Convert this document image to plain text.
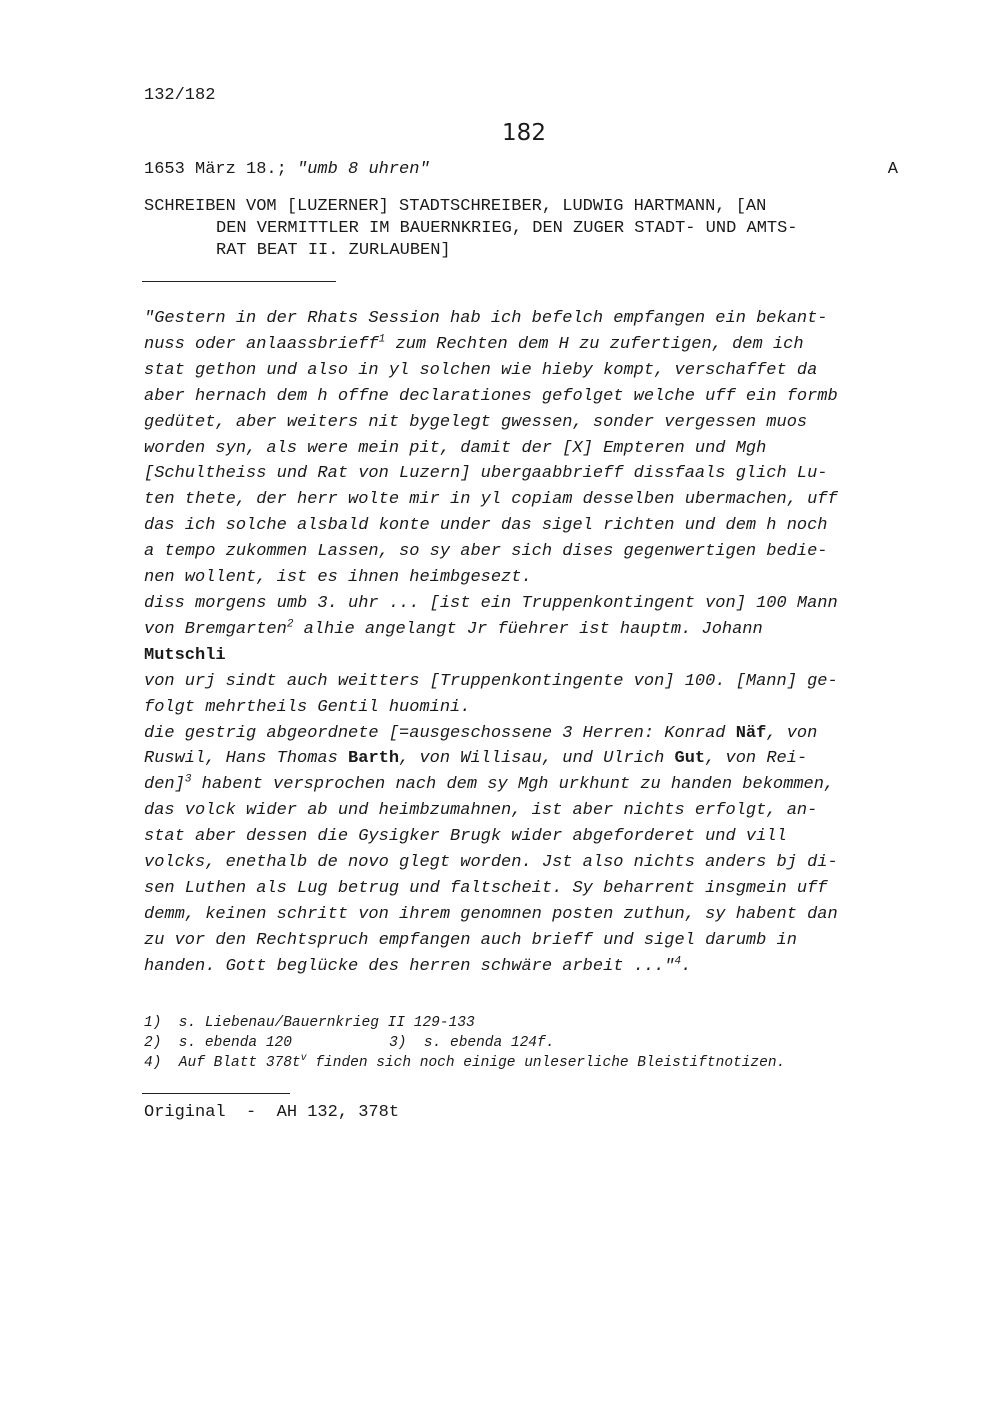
132/182
182
1653 März 18.; "umb 8 uhren"	A
SCHREIBEN VOM [LUZERNER] STADTSCHREIBER, LUDWIG HARTMANN, [AN
DEN VERMITTLER IM BAUERNKRIEG, DEN ZUGER STADT- UND AMTS-
RAT BEAT II. ZURLAUBEN]
"Gestern in der Rhats Session hab ich befelch empfangen ein bekant-
nuss oder anlaassbrieff$^1$ zum Rechten dem H zu zufertigen, dem ich
stat gethon und also in yl solchen wie hieby kompt, verschaffet da
aber hernach dem h offne declarationes gefolget welche uff ein formb
gedütet, aber weiters nit bygelegt gwessen, sonder vergessen muos
worden syn, als were mein pit, damit der [X] Empteren und Mgh
[Schultheiss und Rat von Luzern] ubergaabbrieff dissfaals glich Lu-
ten thete, der herr wolte mir in yl copiam desselben ubermachen, uff
das ich solche alsbald konte under das sigel richten und dem h noch
a tempo zukommen Lassen, so sy aber sich dises gegenwertigen bedie-
nen wollent, ist es ihnen heimbgesezt.
diss morgens umb 3. uhr ... [ist ein Truppenkontingent von] 100 Mann
von Bremgarten$^2$ alhie angelangt Jr füehrer ist hauptm. Johann
Mutschli
von urj sindt auch weitters [Truppenkontingente von] 100. [Mann] ge-
folgt mehrtheils Gentil huomini.
die gestrig abgeordnete [=ausgeschossene 3 Herren: Konrad Näf, von
Ruswil, Hans Thomas Barth, von Willisau, und Ulrich Gut, von Rei-
den]$^3$ habent versprochen nach dem sy Mgh urkhunt zu handen bekommen,
das volck wider ab und heimbzumahnen, ist aber nichts erfolgt, an-
stat aber dessen die Gysigker Brugk wider abgeforderet und vill
volcks, enethalb de novo glegt worden. Jst also nichts anders bj di-
sen Luthen als Lug betrug und faltscheit. Sy beharrent insgmein uff
demm, keinen schritt von ihrem genomnen posten zuthun, sy habent dan
zu vor den Rechtspruch empfangen auch brieff und sigel darumb in
handen. Gott beglücke des herren schwäre arbeit ..."$^4$.
1)  s. Liebenau/Bauernkrieg II 129-133
2)  s. ebenda 120	3)  s. ebenda 124f.
4)  Auf Blatt $378t^v$ finden sich noch einige unleserliche Bleistiftnotizen.
Original  -  AH 132, 378t
